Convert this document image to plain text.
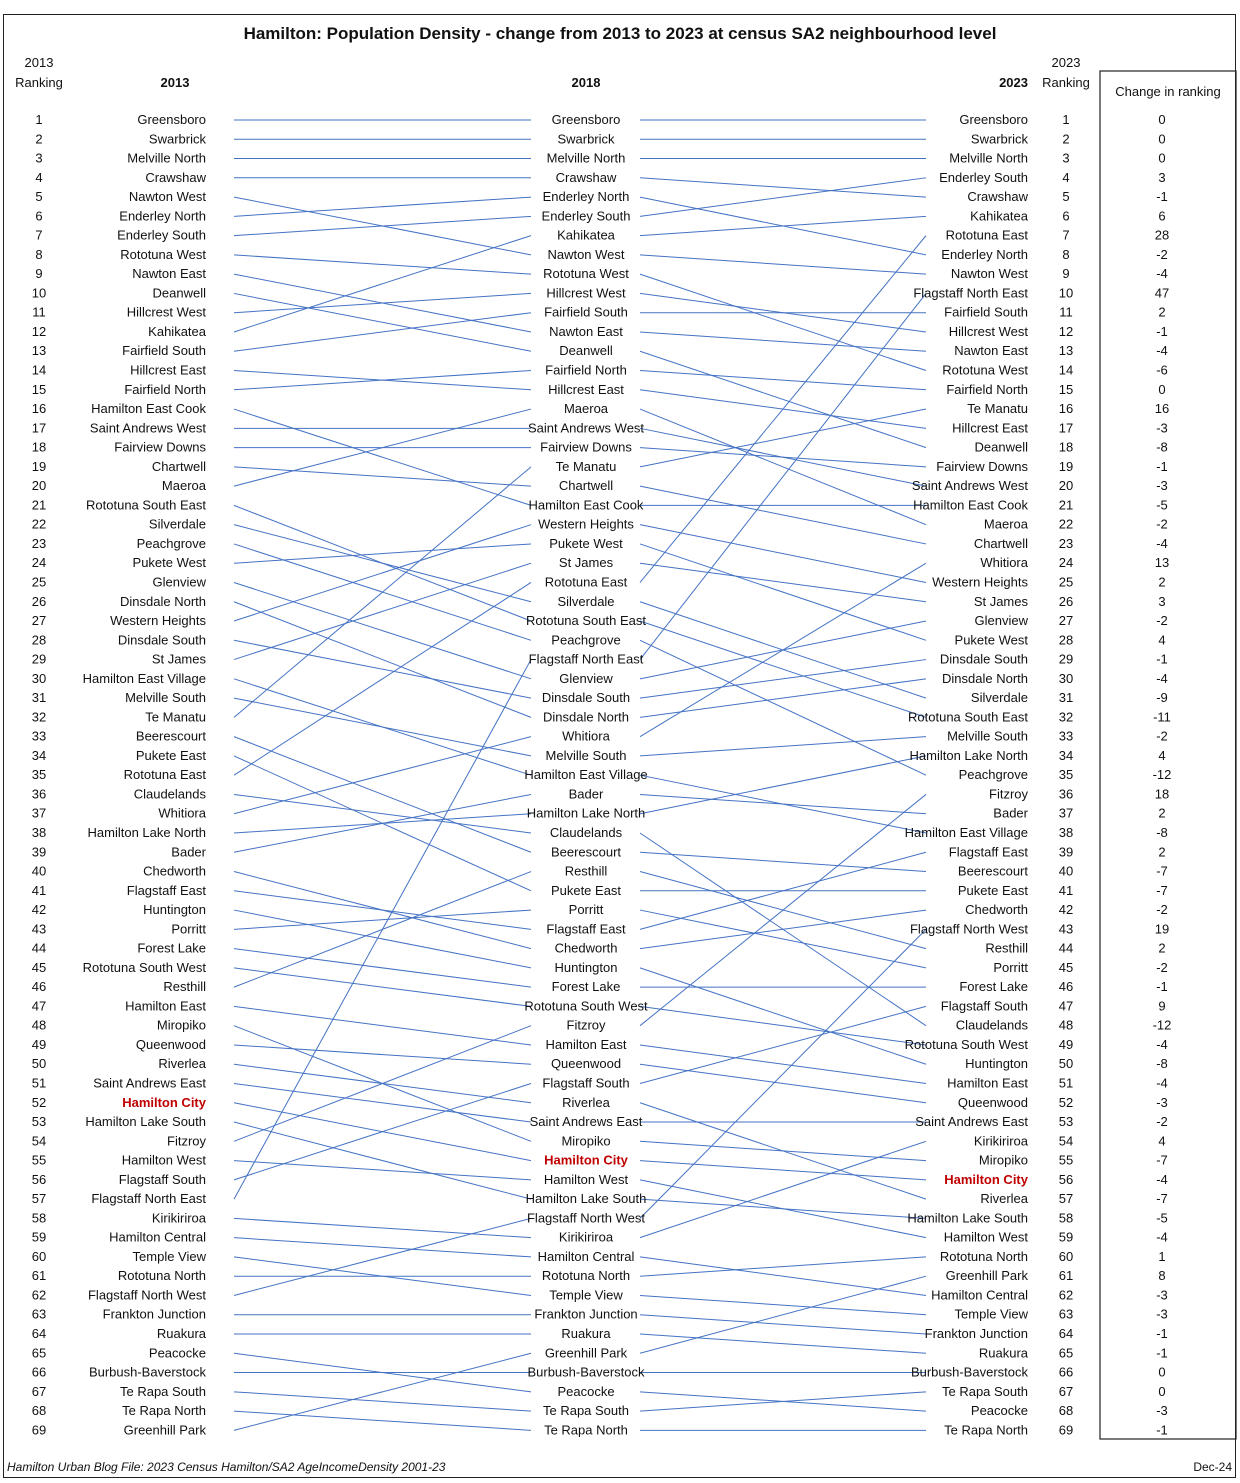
Hamilton: Population Density - change from 2013 to 2023 at census SA2 neighbourhood level
2013
Ranking	2013	2018	2023
2023
Ranking
Change in ranking
1	Greensboro	Greensboro	Greensboro	1	0
2	Swarbrick	Swarbrick	Swarbrick	2	0
3	Melville North	Melville North	Melville North	3	0
4	Crawshaw	Crawshaw	Enderley South	4	3
5	Nawton West	Enderley North	Crawshaw	5	-1
6	Enderley North	Enderley South	Kahikatea	6	6
7	Enderley South	Kahikatea	Rototuna East	7	28
8	Rototuna West	Nawton West	Enderley North	8	-2
9	Nawton East	Rototuna West	Nawton West	9	-4
10	Deanwell	Hillcrest West	Flagstaff North East 10	47
11	Hillcrest West	Fairfield South	Fairfield South 11	2
12	Kahikatea	Nawton East	Hillcrest West 12	-1
13	Fairfield South	Deanwell	Nawton East 13	-4
14	Hillcrest East	Fairfield North	Rototuna West 14	-6
15	Fairfield North	Hillcrest East	Fairfield North 15	0
16	Hamilton East Cook	Maeroa	Te Manatu 16	16
17	Saint Andrews West	Saint Andrews West	Hillcrest East 17	-3
18	Fairview Downs	Fairview Downs	Deanwell 18	-8
19	Chartwell	Te Manatu	Fairview Downs 19	-1
20	Maeroa	Chartwell	Saint Andrews West 20	-3
21	Rototuna South East	Hamilton East Cook	Hamilton East Cook 21	-5
22	Silverdale	Western Heights	Maeroa 22	-2
23	Peachgrove	Pukete West	Chartwell 23	-4
24	Pukete West	St James	Whitiora 24	13
25	Glenview	Rototuna East	Western Heights 25	2
26	Dinsdale North	Silverdale	St James 26	3
27	Western Heights	Rototuna South East	Glenview 27	-2
28	Dinsdale South	Peachgrove	Pukete West 28	4
29	St James	Flagstaff North East	Dinsdale South 29	-1
30	Hamilton East Village	Glenview	Dinsdale North 30	-4
31	Melville South	Dinsdale South	Silverdale 31	-9
32	Te Manatu	Dinsdale North	Rototuna South East 32	-11
33	Beerescourt	Whitiora	Melville South 33	-2
34	Pukete East	Melville South	Hamilton Lake North 34	4
35	Rototuna East	Hamilton East Village	Peachgrove 35	-12
36	Claudelands	Bader	Fitzroy 36	18
37	Whitiora	Hamilton Lake North	Bader 37	2
38	Hamilton Lake North	Claudelands	Hamilton East Village 38	-8
39	Bader	Beerescourt	Flagstaff East 39	2
40	Chedworth	Resthill	Beerescourt 40	-7
41	Flagstaff East	Pukete East	Pukete East 41	-7
42	Huntington	Porritt	Chedworth 42	-2
43	Porritt	Flagstaff East	Flagstaff North West 43	19
44	Forest Lake	Chedworth	Resthill 44	2
45	Rototuna South West	Huntington	Porritt 45	-2
46	Resthill	Forest Lake	Forest Lake 46	-1
47	Hamilton East	Rototuna South West	Flagstaff South 47	9
48	Miropiko	Fitzroy	Claudelands 48	-12
49	Queenwood	Hamilton East	Rototuna South West 49	-4
50	Riverlea	Queenwood	Huntington 50	-8
51	Saint Andrews East	Flagstaff South	Hamilton East 51	-4
52	Hamilton City	Riverlea	Queenwood 52	-3
53	Hamilton Lake South	Saint Andrews East	Saint Andrews East 53	-2
54	Fitzroy	Miropiko	Kirikiriroa 54	4
55	Hamilton West	Hamilton City	Miropiko 55	-7
56	Flagstaff South	Hamilton West	Hamilton City 56	-4
57	Flagstaff North East	Hamilton Lake South	Riverlea 57	-7
58	Kirikiriroa	Flagstaff North West	Hamilton Lake South 58	-5
59	Hamilton Central	Kirikiriroa	Hamilton West 59	-4
60	Temple View	Hamilton Central	Rototuna North 60	1
61	Rototuna North	Rototuna North	Greenhill Park 61	8
62	Flagstaff North West	Temple View	Hamilton Central 62	-3
63	Frankton Junction	Frankton Junction	Temple View 63	-3
64	Ruakura	Ruakura	Frankton Junction 64	-1
65	Peacocke	Greenhill Park	Ruakura 65	-1
66	Burbush-Baverstock	Burbush-Baverstock	Burbush-Baverstock 66	0
67	Te Rapa South	Peacocke	Te Rapa South 67	0
68	Te Rapa North	Te Rapa South	Peacocke 68	-3
69	Greenhill Park	Te Rapa North	Te Rapa North 69	-1
Hamilton Urban Blog File: 2023 Census Hamilton/SA2 AgeIncomeDensity 2001-23	Dec-24
